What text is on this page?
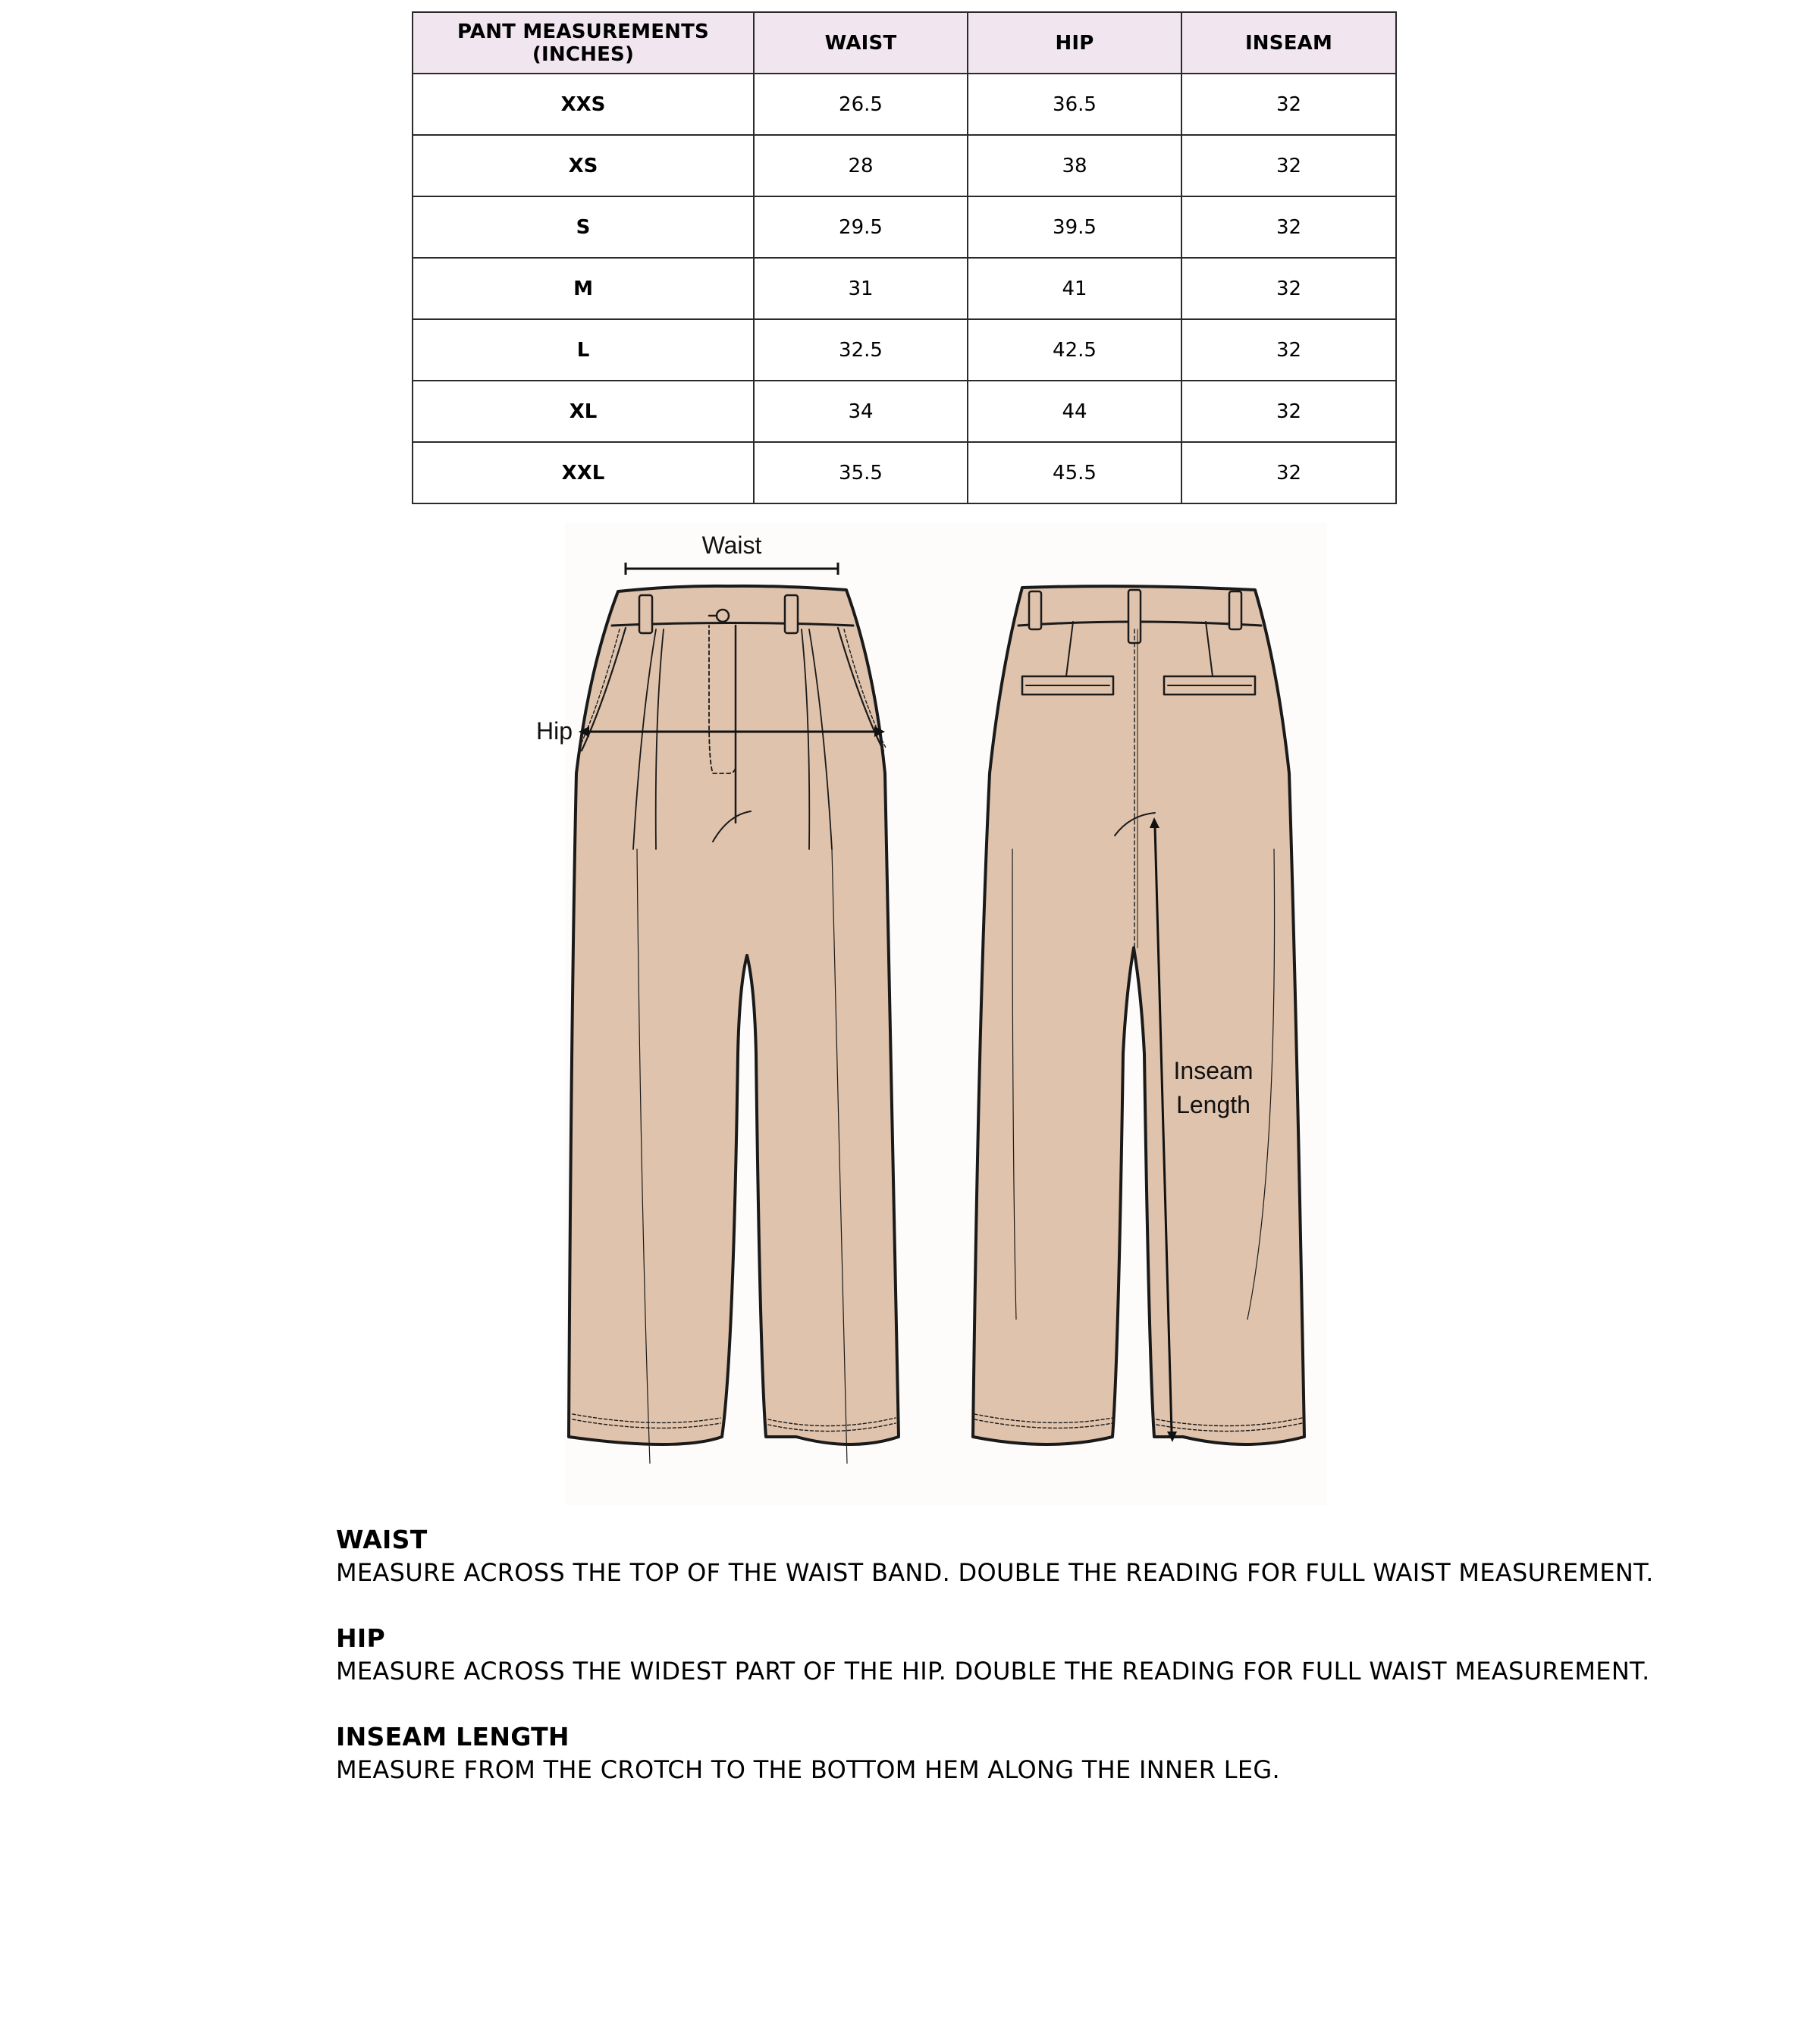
PANT MEASUREMENTS (INCHES)	WAIST	HIP	INSEAM
XXS	26.5	36.5	32
XS	28	38	32
S	29.5	39.5	32
M	31	41	32
L	32.5	42.5	32
XL	34	44	32
XXL	35.5	45.5	32
Waist
Hip
Inseam
Length
WAIST
MEASURE ACROSS THE TOP OF THE WAIST BAND. DOUBLE THE READING FOR FULL WAIST MEASUREMENT.
HIP
MEASURE ACROSS THE WIDEST PART OF THE HIP. DOUBLE THE READING FOR FULL WAIST MEASUREMENT.
INSEAM LENGTH
MEASURE FROM THE CROTCH TO THE BOTTOM HEM ALONG THE INNER LEG.
